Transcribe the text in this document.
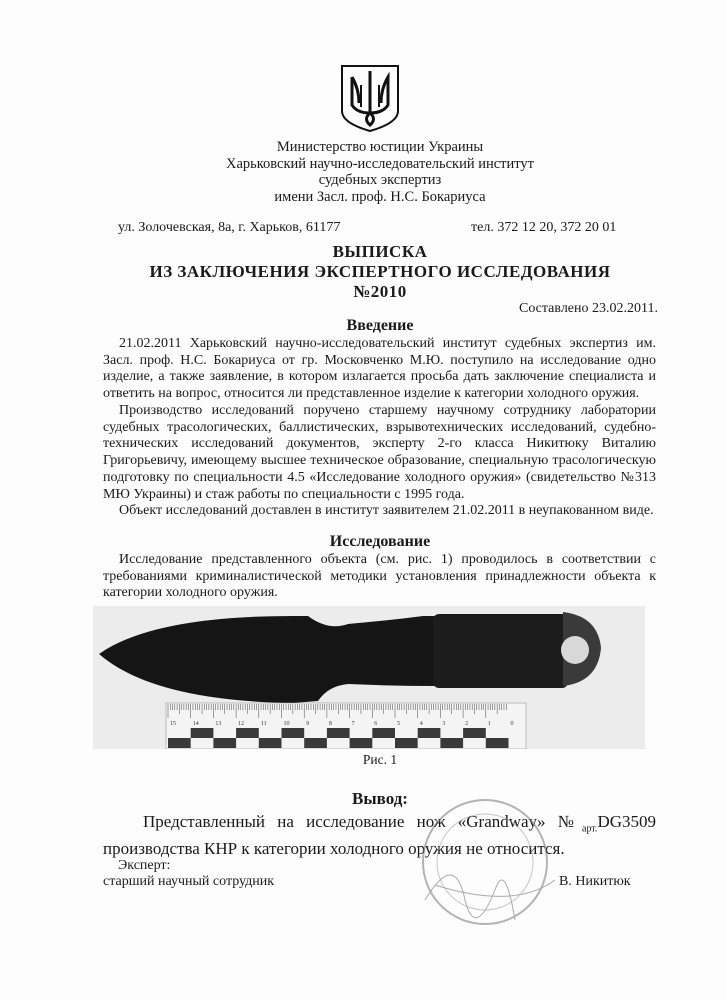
Министерство юстиции Украины
Харьковский научно-исследовательский институт
судебных экспертиз
имени Засл. проф. Н.С. Бокариуса
ул. Золочевская, 8а, г. Харьков, 61177	тел. 372 12 20, 372 20 01
ВЫПИСКА
ИЗ ЗАКЛЮЧЕНИЯ ЭКСПЕРТНОГО ИССЛЕДОВАНИЯ
№2010
Составлено 23.02.2011.
Введение
21.02.2011 Харьковский научно-исследовательский институт судебных экспертиз им. Засл. проф. Н.С. Бокариуса от гр. Московченко М.Ю. поступило на исследование одно изделие, а также заявление, в котором излагается просьба дать заключение специалиста и ответить на вопрос, относится ли представленное изделие к категории холодного оружия.
Производство исследований поручено старшему научному сотруднику лаборатории судебных трасологических, баллистических, взрывотехнических исследований, судебно-технических исследований документов, эксперту 2-го класса Никитюку Виталию Григорьевичу, имеющему высшее техническое образование, специальную трасологическую подготовку по специальности 4.5 «Исследование холодного оружия» (свидетельство №313 МЮ Украины) и стаж работы по специальности с 1995 года.
Объект исследований доставлен в институт заявителем 21.02.2011 в неупакованном виде.
Исследование
Исследование представленного объекта (см. рис. 1) проводилось в соответствии с требованиями криминалистической методики установления принадлежности объекта к категории холодного оружия.
15	14	13	12	11	10	9	8	7	6	5	4	3	2	1	0
Рис. 1
Вывод:
Представленный на исследование нож «Grandway» $№_{арт.}DG3509$ производства КНР к категории холодного оружия не относится.
Эксперт:
старший научный сотрудник	В. Никитюк
